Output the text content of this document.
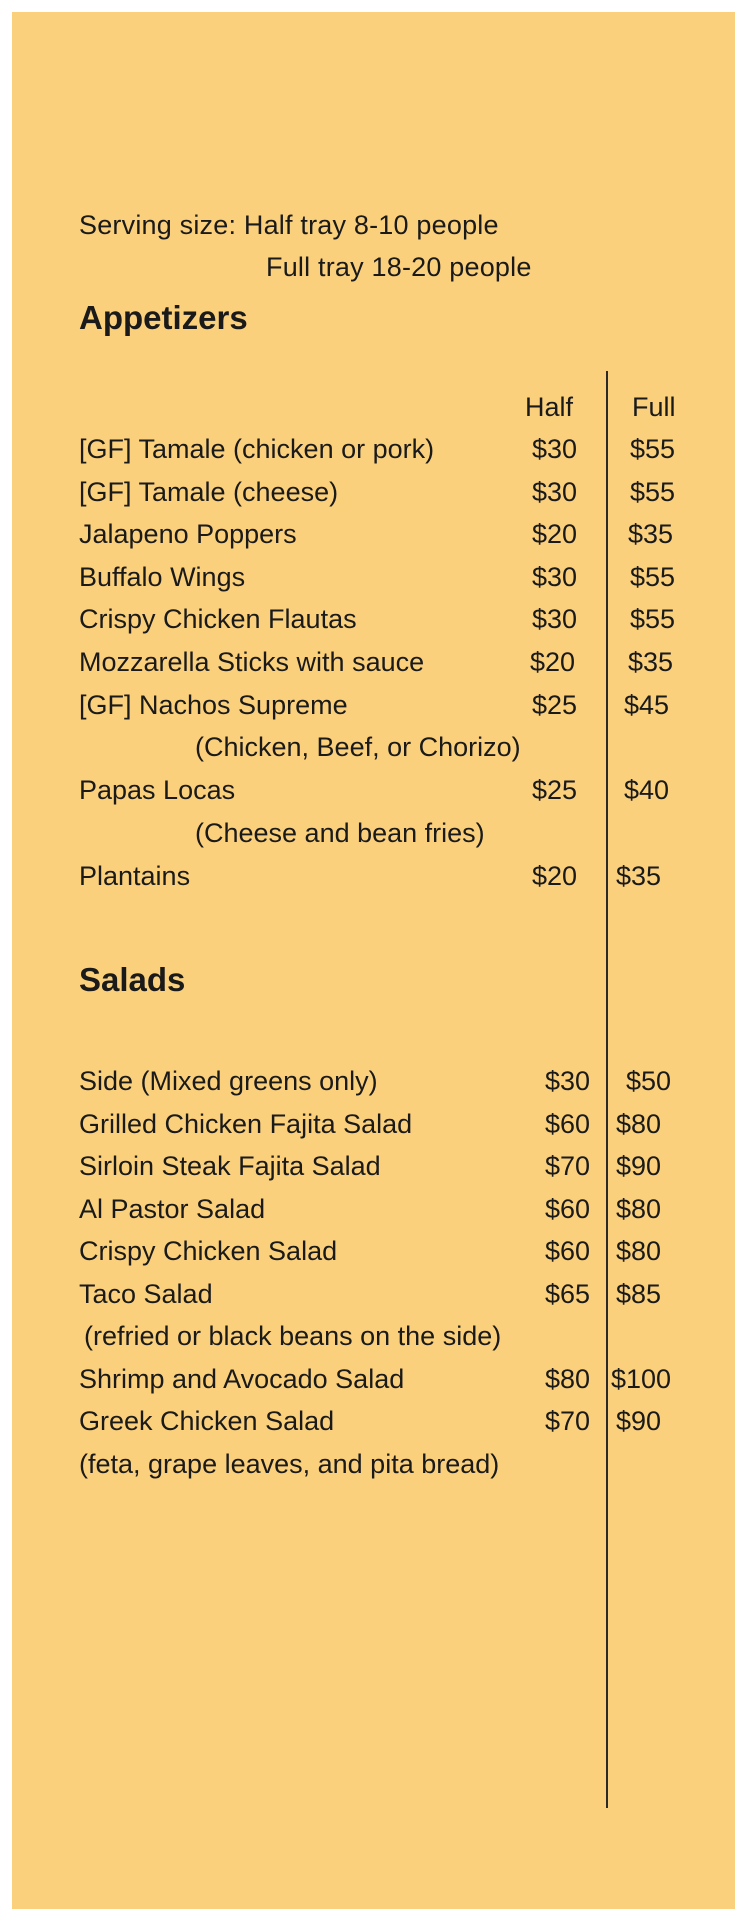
Serving size: Half tray 8-10 people
Full tray 18-20 people
Appetizers
Half Full
[GF] Tamale (chicken or pork)	$30 $55
[GF] Tamale (cheese)	$30 $55
Jalapeno Poppers	$20 $35
Buffalo Wings	$30 $55
Crispy Chicken Flautas	$30 $55
Mozzarella Sticks with sauce	$20 $35
[GF] Nachos Supreme	$25 $45
(Chicken, Beef, or Chorizo)
Papas Locas	$25 $40
(Cheese and bean fries)
Plantains	$20 $35
Salads
Side (Mixed greens only)	$30 $50
Grilled Chicken Fajita Salad	$60 $80
Sirloin Steak Fajita Salad	$70 $90
Al Pastor Salad	$60 $80
Crispy Chicken Salad	$60 $80
Taco Salad	$65 $85
(refried or black beans on the side)
Shrimp and Avocado Salad	$80 $100
Greek Chicken Salad	$70 $90
(feta, grape leaves, and pita bread)
